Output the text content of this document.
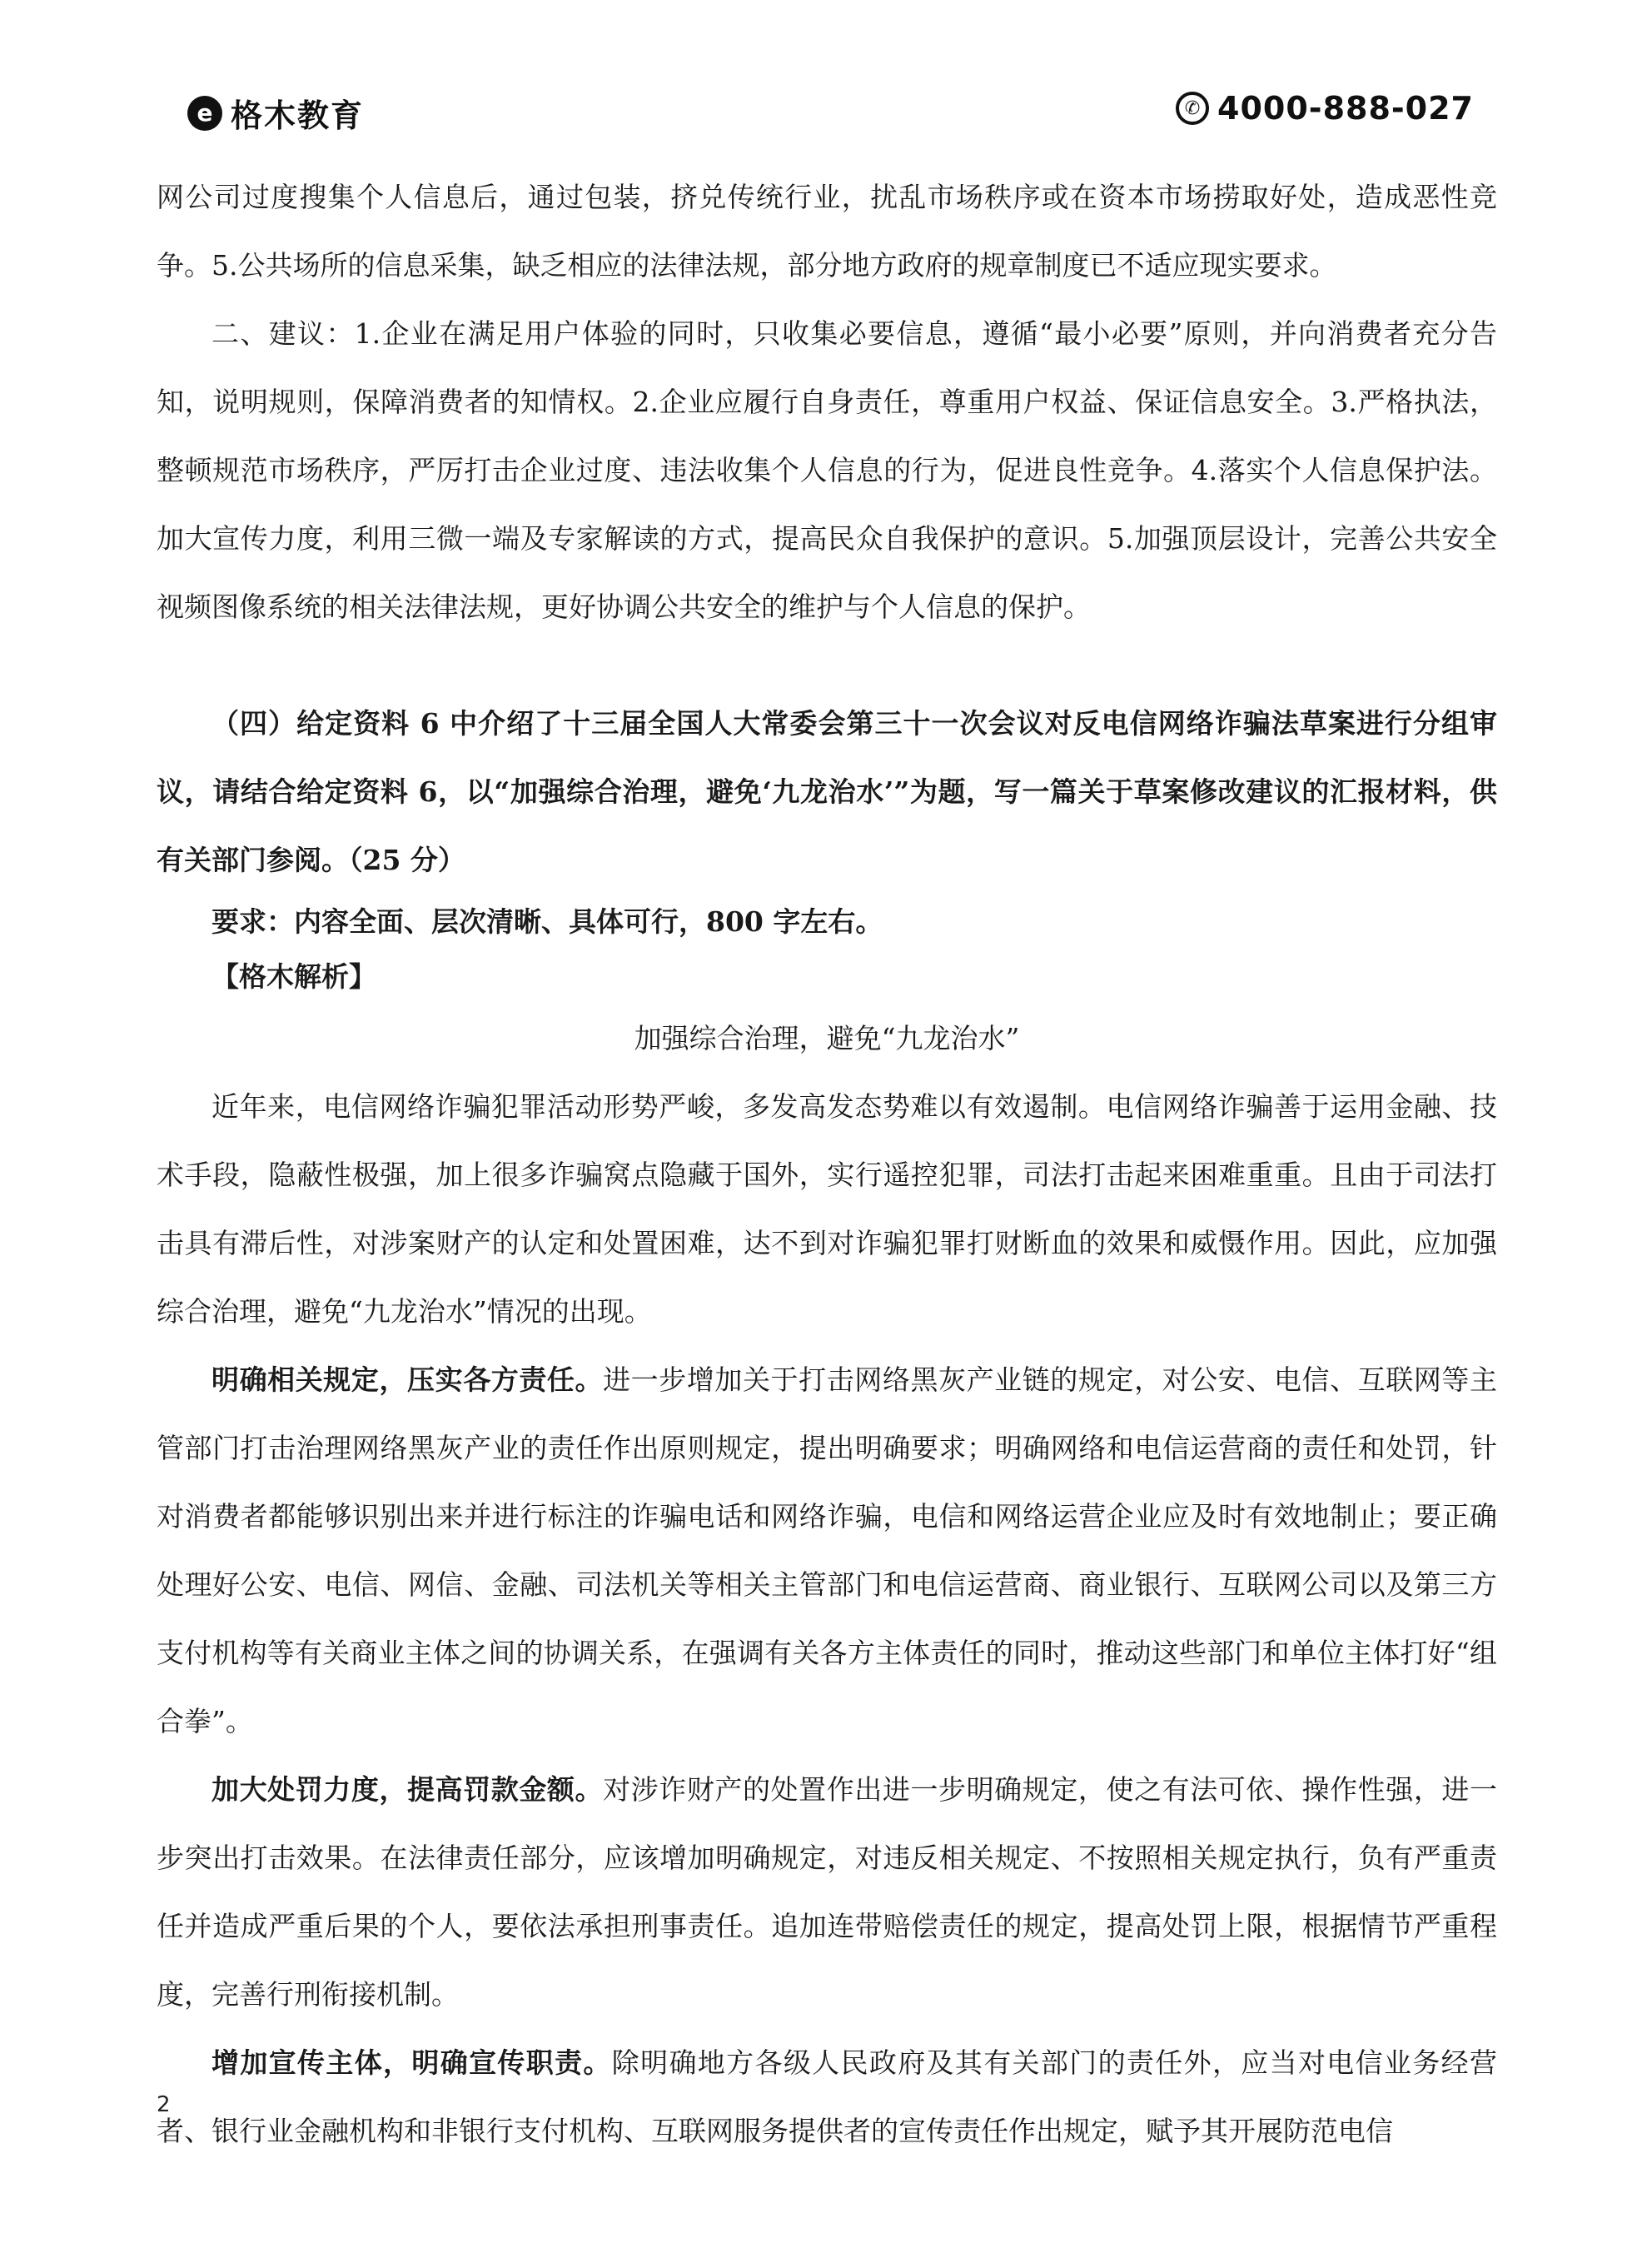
e 格木教育	✆ 4000-888-027

网公司过度搜集个人信息后，通过包装，挤兑传统行业，扰乱市场秩序或在资本市场捞取好处，造成恶性竞争。5.公共场所的信息采集，缺乏相应的法律法规，部分地方政府的规章制度已不适应现实要求。

二、建议：1.企业在满足用户体验的同时，只收集必要信息，遵循“最小必要”原则，并向消费者充分告知，说明规则，保障消费者的知情权。2.企业应履行自身责任，尊重用户权益、保证信息安全。3.严格执法，整顿规范市场秩序，严厉打击企业过度、违法收集个人信息的行为，促进良性竞争。4.落实个人信息保护法。加大宣传力度，利用三微一端及专家解读的方式，提高民众自我保护的意识。5.加强顶层设计，完善公共安全视频图像系统的相关法律法规，更好协调公共安全的维护与个人信息的保护。

（四）给定资料 6 中介绍了十三届全国人大常委会第三十一次会议对反电信网络诈骗法草案进行分组审议，请结合给定资料 6，以“加强综合治理，避免‘九龙治水’”为题，写一篇关于草案修改建议的汇报材料，供有关部门参阅。（25 分）

要求：内容全面、层次清晰、具体可行，800 字左右。

【格木解析】

加强综合治理，避免“九龙治水”

近年来，电信网络诈骗犯罪活动形势严峻，多发高发态势难以有效遏制。电信网络诈骗善于运用金融、技术手段，隐蔽性极强，加上很多诈骗窝点隐藏于国外，实行遥控犯罪，司法打击起来困难重重。且由于司法打击具有滞后性，对涉案财产的认定和处置困难，达不到对诈骗犯罪打财断血的效果和威慑作用。因此，应加强综合治理，避免“九龙治水”情况的出现。

明确相关规定，压实各方责任。进一步增加关于打击网络黑灰产业链的规定，对公安、电信、互联网等主管部门打击治理网络黑灰产业的责任作出原则规定，提出明确要求；明确网络和电信运营商的责任和处罚，针对消费者都能够识别出来并进行标注的诈骗电话和网络诈骗，电信和网络运营企业应及时有效地制止；要正确处理好公安、电信、网信、金融、司法机关等相关主管部门和电信运营商、商业银行、互联网公司以及第三方支付机构等有关商业主体之间的协调关系，在强调有关各方主体责任的同时，推动这些部门和单位主体打好“组合拳”。

加大处罚力度，提高罚款金额。对涉诈财产的处置作出进一步明确规定，使之有法可依、操作性强，进一步突出打击效果。在法律责任部分，应该增加明确规定，对违反相关规定、不按照相关规定执行，负有严重责任并造成严重后果的个人，要依法承担刑事责任。追加连带赔偿责任的规定，提高处罚上限，根据情节严重程度，完善行刑衔接机制。

增加宣传主体，明确宣传职责。除明确地方各级人民政府及其有关部门的责任外，应当对电信业务经营者、银行业金融机构和非银行支付机构、互联网服务提供者的宣传责任作出规定，赋予其开展防范电信

2
